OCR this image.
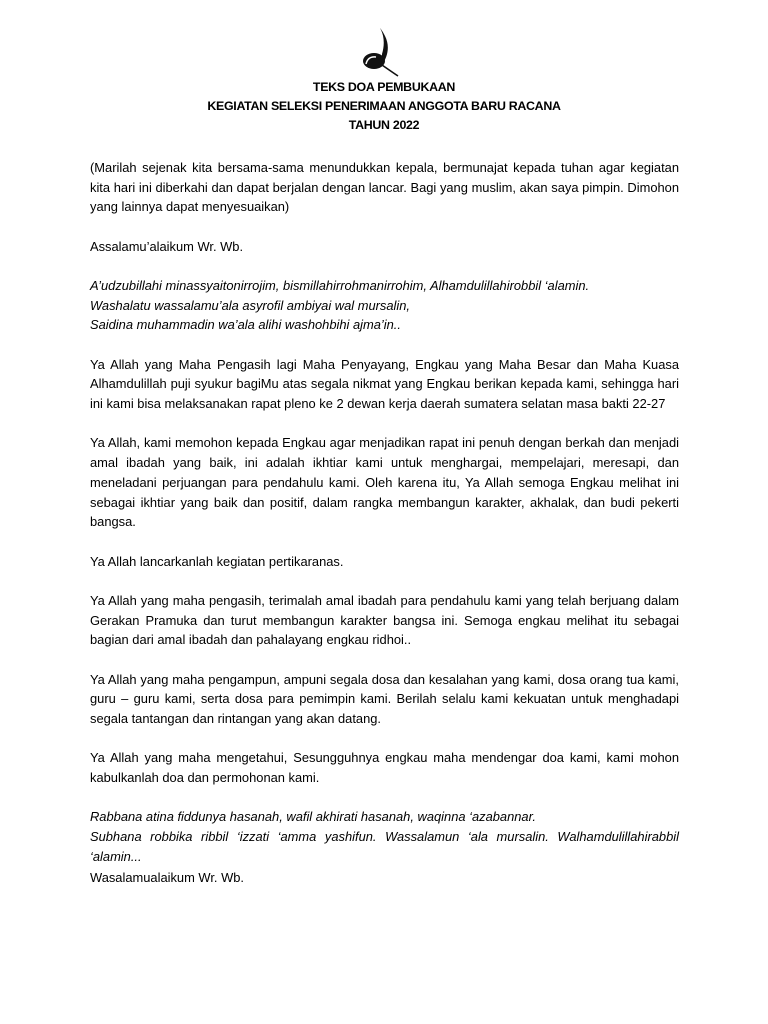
TEKS DOA PEMBUKAAN
KEGIATAN SELEKSI PENERIMAAN ANGGOTA BARU RACANA
TAHUN 2022

(Marilah sejenak kita bersama-sama menundukkan kepala, bermunajat kepada tuhan agar kegiatan kita hari ini diberkahi dan dapat berjalan dengan lancar. Bagi yang muslim, akan saya pimpin. Dimohon yang lainnya dapat menyesuaikan)

Assalamu’alaikum Wr. Wb.

A’udzubillahi minassyaitonirrojim, bismillahirrohmanirrohim, Alhamdulillahirobbil ‘alamin.
Washalatu wassalamu’ala asyrofil ambiyai wal mursalin,
Saidina muhammadin wa’ala alihi washohbihi ajma’in..

Ya Allah yang Maha Pengasih lagi Maha Penyayang, Engkau yang Maha Besar dan Maha Kuasa Alhamdulillah puji syukur bagiMu atas segala nikmat yang Engkau berikan kepada kami, sehingga hari ini kami bisa melaksanakan rapat pleno ke 2 dewan kerja daerah sumatera selatan masa bakti 22-27

Ya Allah, kami memohon kepada Engkau agar menjadikan rapat ini penuh dengan berkah dan menjadi amal ibadah yang baik, ini adalah ikhtiar kami untuk menghargai, mempelajari, meresapi, dan meneladani perjuangan para pendahulu kami. Oleh karena itu, Ya Allah semoga Engkau melihat ini sebagai ikhtiar yang baik dan positif, dalam rangka membangun karakter, akhalak, dan budi pekerti bangsa.

Ya Allah lancarkanlah kegiatan pertikaranas.

Ya Allah yang maha pengasih, terimalah amal ibadah para pendahulu kami yang telah berjuang dalam Gerakan Pramuka dan turut membangun karakter bangsa ini. Semoga engkau melihat itu sebagai bagian dari amal ibadah dan pahalayang engkau ridhoi..

Ya Allah yang maha pengampun, ampuni segala dosa dan kesalahan yang kami, dosa orang tua kami, guru – guru kami, serta dosa para pemimpin kami. Berilah selalu kami kekuatan untuk menghadapi segala tantangan dan rintangan yang akan datang.

Ya Allah yang maha mengetahui, Sesungguhnya engkau maha mendengar doa kami, kami mohon kabulkanlah doa dan permohonan kami.

Rabbana atina fiddunya hasanah, wafil akhirati hasanah, waqinna ‘azabannar.
Subhana robbika ribbil ‘izzati ‘amma yashifun. Wassalamun ‘ala mursalin. Walhamdulillahirabbil ‘alamin...

Wasalamualaikum Wr. Wb.
